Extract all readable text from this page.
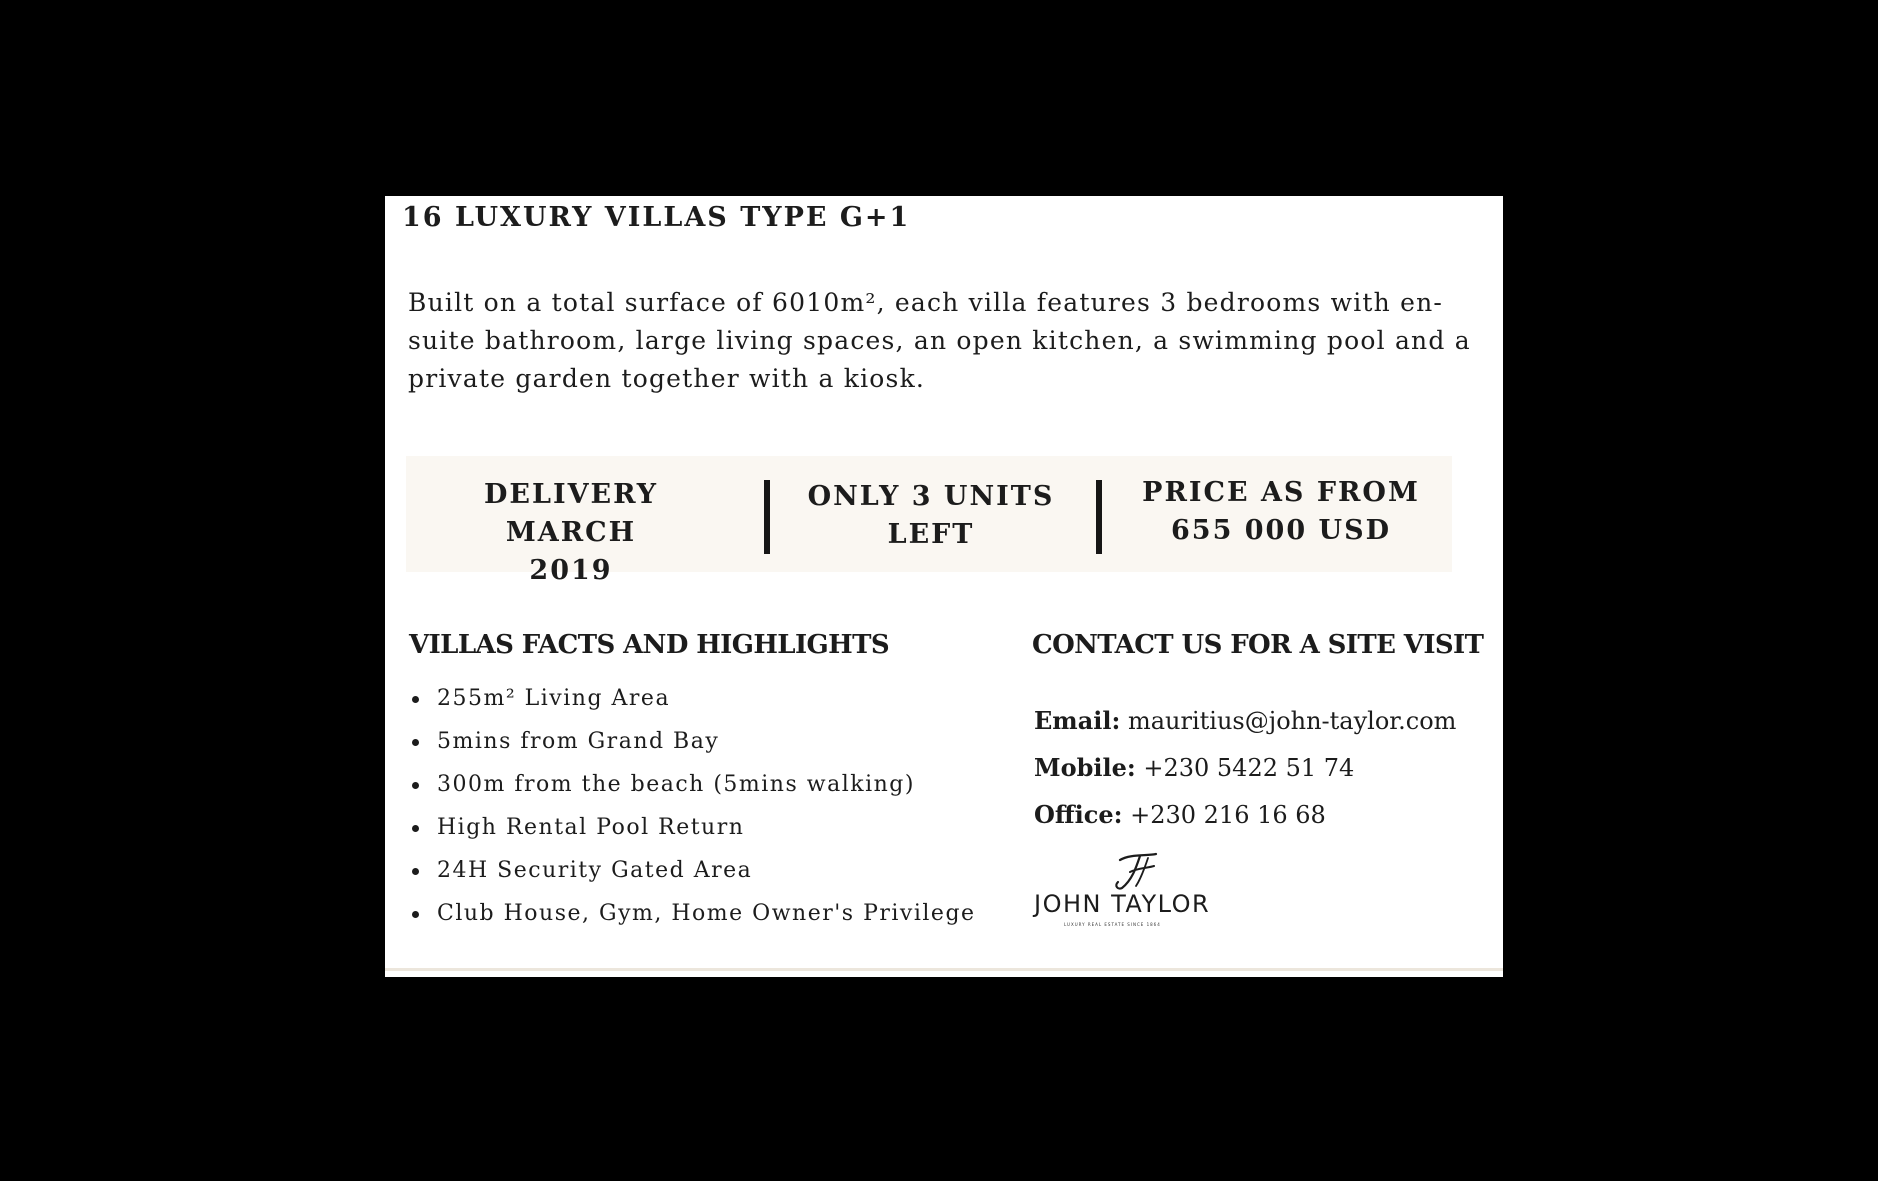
16 LUXURY VILLAS TYPE G+1

Built on a total surface of 6010m², each villa features 3 bedrooms with en-suite bathroom, large living spaces, an open kitchen, a swimming pool and a private garden together with a kiosk.

DELIVERY MARCH
2019
ONLY 3 UNITS
LEFT
PRICE AS FROM
655 000 USD
VILLAS FACTS AND HIGHLIGHTS
255m² Living Area
5mins from Grand Bay
300m from the beach (5mins walking)
High Rental Pool Return
24H Security Gated Area
Club House, Gym, Home Owner's Privilege
CONTACT US FOR A SITE VISIT
Email: mauritius@john-taylor.com
Mobile: +230 5422 51 74
Office: +230 216 16 68
JOHN TAYLOR
LUXURY REAL ESTATE SINCE 1864
